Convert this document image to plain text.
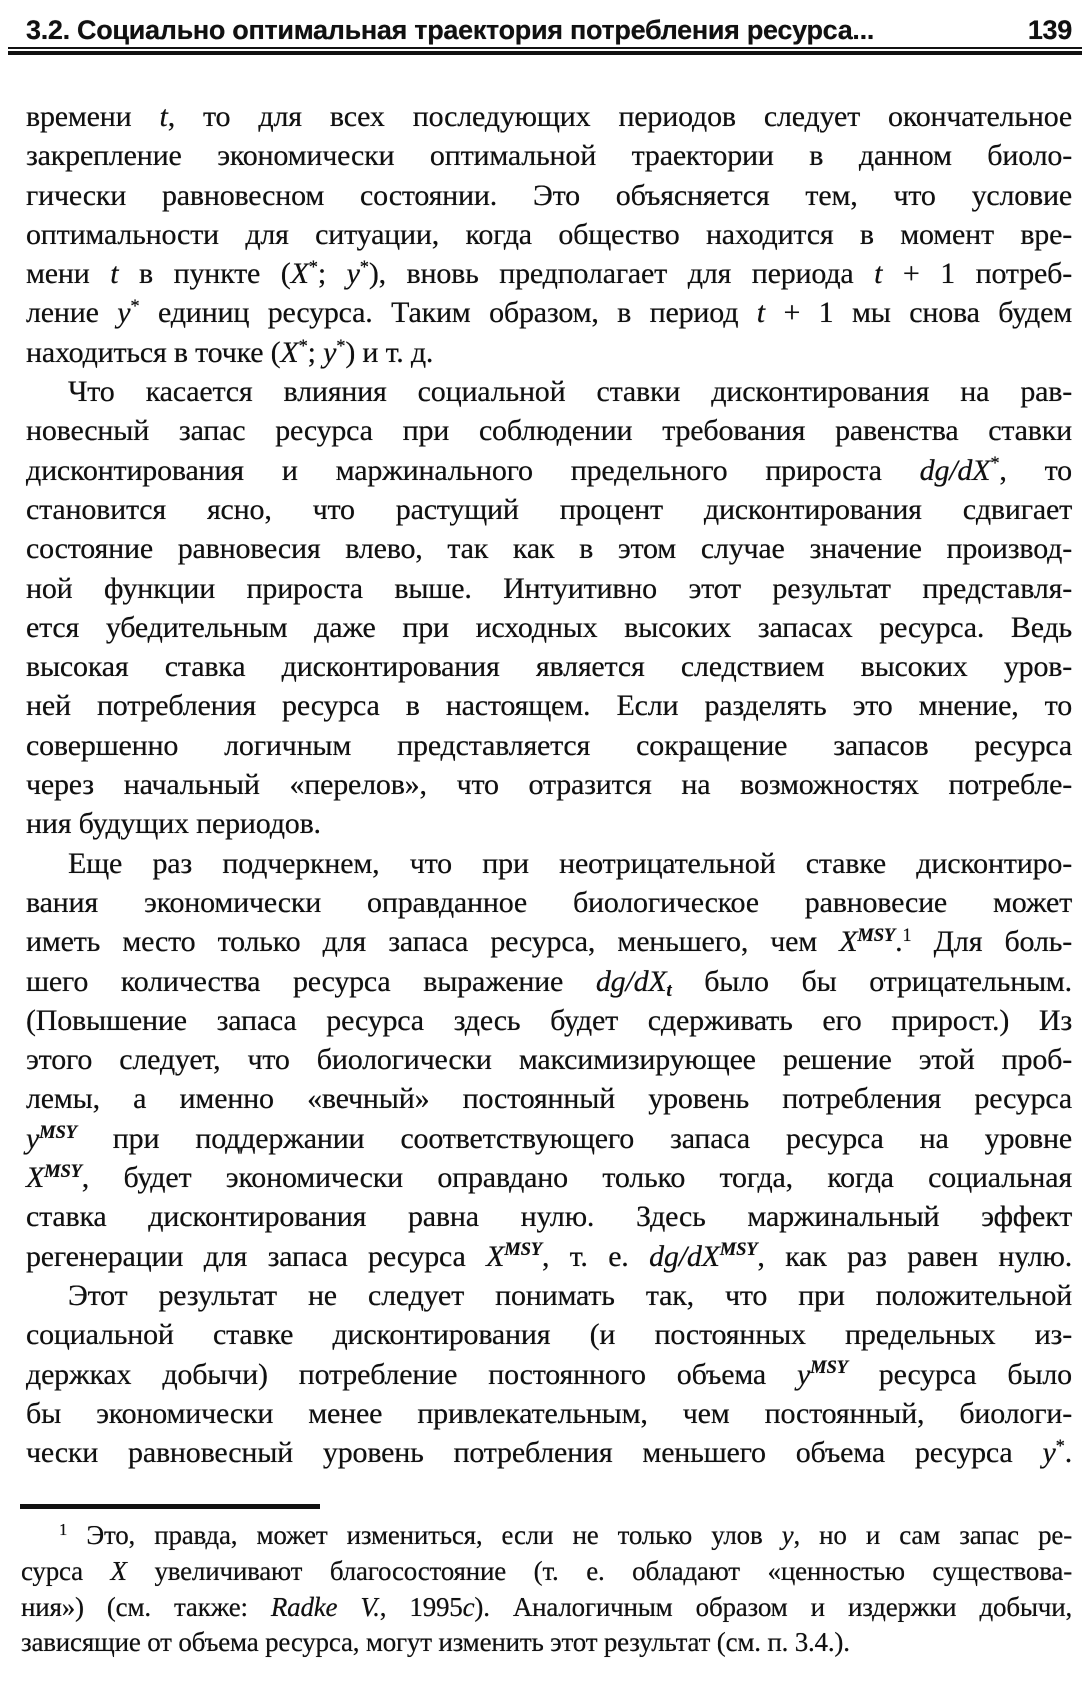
3.2. Социально оптимальная траектория потребления ресурса...	139
времени t, то для всех последующих периодов следует окончательное
закрепление экономически оптимальной траектории в данном биоло-
гически равновесном состоянии. Это объясняется тем, что условие
оптимальности для ситуации, когда общество находится в момент вре-
мени t в пункте (X*; y*), вновь предполагает для периода t + 1 потреб-
ление y* единиц ресурса. Таким образом, в период t + 1 мы снова будем
находиться в точке (X*; y*) и т. д.
Что касается влияния социальной ставки дисконтирования на рав-
новесный запас ресурса при соблюдении требования равенства ставки
дисконтирования и маржинального предельного прироста dg/dX*, то
становится ясно, что растущий процент дисконтирования сдвигает
состояние равновесия влево, так как в этом случае значение производ-
ной функции прироста выше. Интуитивно этот результат представля-
ется убедительным даже при исходных высоких запасах ресурса. Ведь
высокая ставка дисконтирования является следствием высоких уров-
ней потребления ресурса в настоящем. Если разделять это мнение, то
совершенно логичным представляется сокращение запасов ресурса
через начальный «перелов», что отразится на возможностях потребле-
ния будущих периодов.
Еще раз подчеркнем, что при неотрицательной ставке дисконтиро-
вания экономически оправданное биологическое равновесие может
иметь место только для запаса ресурса, меньшего, чем $X^{MSY}.^1$ Для боль-
шего количества ресурса выражение $dg/dX_t$ было бы отрицательным.
(Повышение запаса ресурса здесь будет сдерживать его прирост.) Из
этого следует, что биологически максимизирующее решение этой проб-
лемы, а именно «вечный» постоянный уровень потребления ресурса
$y^{MSY}$ при поддержании соответствующего запаса ресурса на уровне
$X^{MSY}$, будет экономически оправдано только тогда, когда социальная
ставка дисконтирования равна нулю. Здесь маржинальный эффект
регенерации для запаса ресурса $X^{MSY}$, т. е. $dg/dX^{MSY}$, как раз равен нулю.
Этот результат не следует понимать так, что при положительной
социальной ставке дисконтирования (и постоянных предельных из-
держках добычи) потребление постоянного объема $y^{MSY}$ ресурса было
бы экономически менее привлекательным, чем постоянный, биологи-
чески равновесный уровень потребления меньшего объема ресурса y*.
$^1$ Это, правда, может измениться, если не только улов y, но и сам запас ре-
сурса X увеличивают благосостояние (т. е. обладают «ценностью существова-
ния») (см. также: Radke V., 1995c). Аналогичным образом и издержки добычи,
зависящие от объема ресурса, могут изменить этот результат (см. п. 3.4.).
